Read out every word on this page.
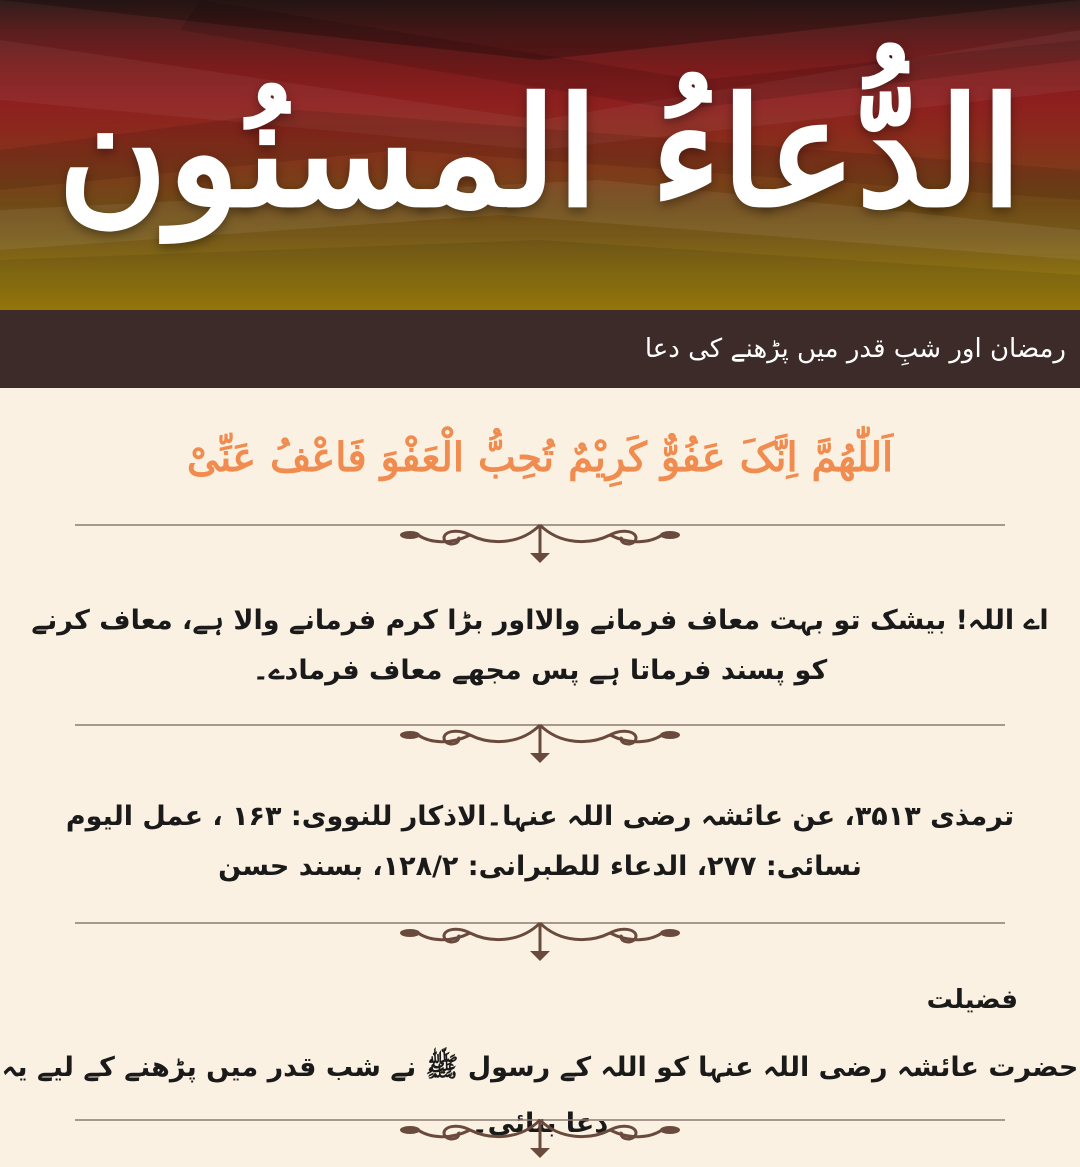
الدُّعاءُ المسنُون
رمضان اور شبِ قدر میں پڑھنے کی دعا
اَللّٰھُمَّ اِنَّکَ عَفُوٌّ کَرِیْمٌ تُحِبُّ الْعَفْوَ فَاعْفُ عَنِّیْ
اے اللہ! بیشک تو بہت معاف فرمانے والااور بڑا کرم فرمانے والا ہے، معاف کرنے کو پسند فرماتا ہے پس مجھے معاف فرمادے۔
ترمذی ۳۵۱۳، عن عائشہ رضی اللہ عنہا۔الاذکار للنووی: ۱۶۳ ، عمل الیوم نسائی: ۲۷۷، الدعاء للطبرانی: ۱۲۸/۲، بسند حسن
فضیلت
حضرت عائشہ رضی اللہ عنہا کو اللہ کے رسول ﷺ نے شب قدر میں پڑھنے کے لیے یہ دعا بتائی۔
